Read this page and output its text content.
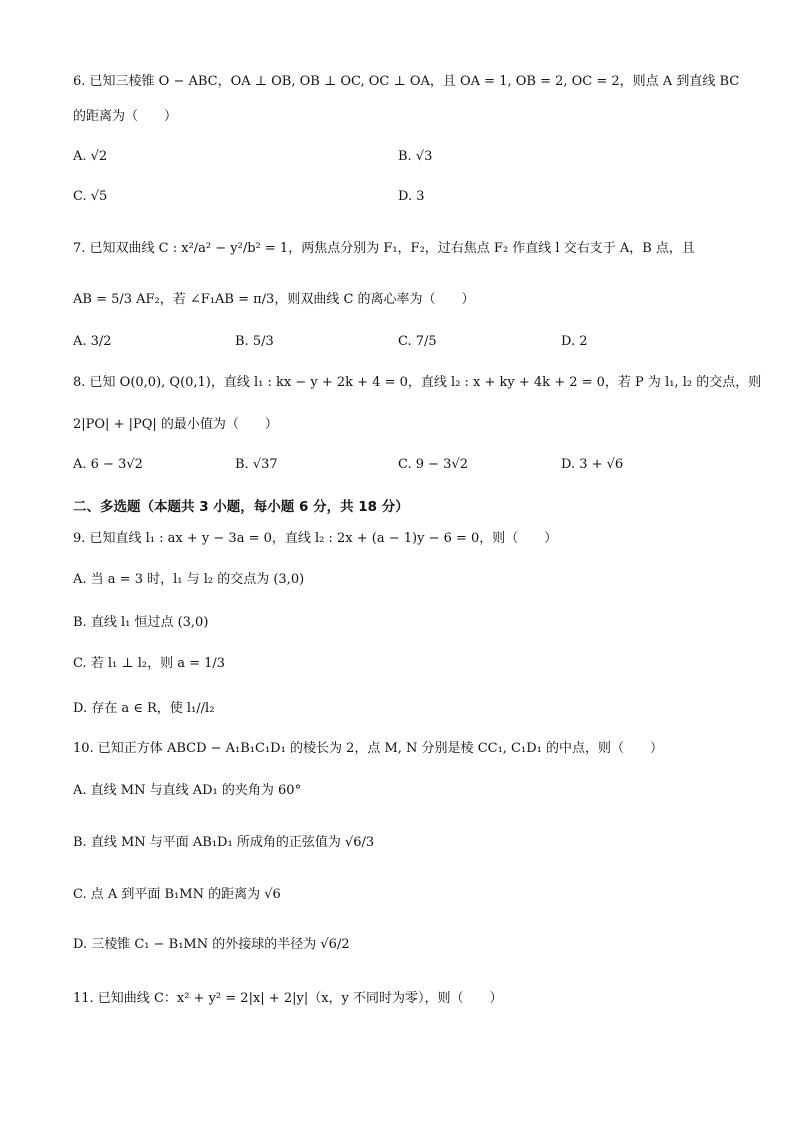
6. 已知三棱锥 O − ABC，OA ⊥ OB, OB ⊥ OC, OC ⊥ OA，且 OA = 1, OB = 2, OC = 2，则点 A 到直线 BC
的距离为（　　）
A. √2	B. √3
C. √5	D. 3
7. 已知双曲线 C : x²/a² − y²/b² = 1，两焦点分别为 F₁，F₂，过右焦点 F₂ 作直线 l 交右支于 A，B 点，且
AB = 5/3 AF₂，若 ∠F₁AB = π/3，则双曲线 C 的离心率为（　　）
A. 3/2	B. 5/3	C. 7/5	D. 2
8. 已知 O(0,0), Q(0,1)，直线 l₁ : kx − y + 2k + 4 = 0，直线 l₂ : x + ky + 4k + 2 = 0，若 P 为 l₁, l₂ 的交点，则
2|PO| + |PQ| 的最小值为（　　）
A. 6 − 3√2	B. √37	C. 9 − 3√2	D. 3 + √6
二、多选题（本题共 3 小题，每小题 6 分，共 18 分）
9. 已知直线 l₁ : ax + y − 3a = 0，直线 l₂ : 2x + (a − 1)y − 6 = 0，则（　　）
A. 当 a = 3 时，l₁ 与 l₂ 的交点为 (3,0)
B. 直线 l₁ 恒过点 (3,0)
C. 若 l₁ ⊥ l₂，则 a = 1/3
D. 存在 a ∈ R，使 l₁//l₂
10. 已知正方体 ABCD − A₁B₁C₁D₁ 的棱长为 2，点 M, N 分别是棱 CC₁, C₁D₁ 的中点，则（　　）
A. 直线 MN 与直线 AD₁ 的夹角为 60°
B. 直线 MN 与平面 AB₁D₁ 所成角的正弦值为 √6/3
C. 点 A 到平面 B₁MN 的距离为 √6
D. 三棱锥 C₁ − B₁MN 的外接球的半径为 √6/2
11. 已知曲线 C：x² + y² = 2|x| + 2|y|（x，y 不同时为零），则（　　）
